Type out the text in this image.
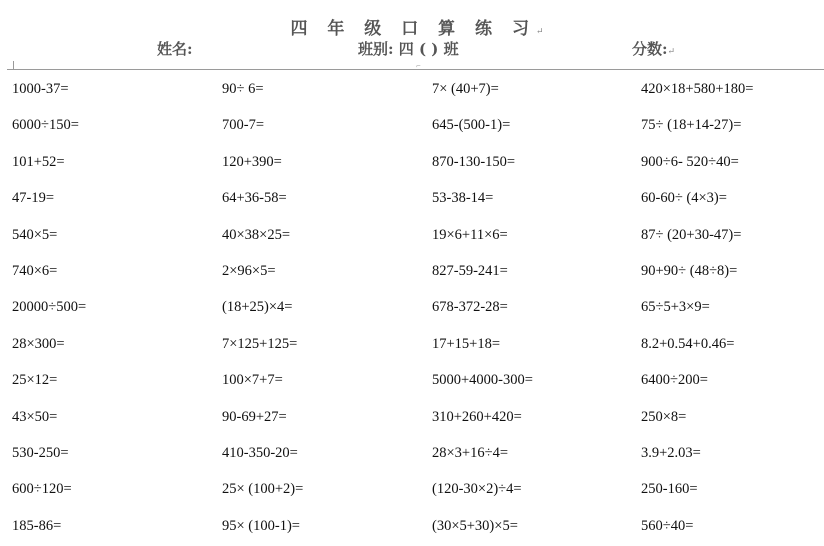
四 年 级 口 算 练 习↵
姓名:	班别: 四 ( ) 班	分数:↵
⌐
1000-37=	90÷ 6=	7× (40+7)=	420×18+580+180=
6000÷150=	700-7=	645-(500-1)=	75÷ (18+14-27)=
101+52=	120+390=	870-130-150=	900÷6- 520÷40=
47-19=	64+36-58=	53-38-14=	60-60÷ (4×3)=
540×5=	40×38×25=	19×6+11×6=	87÷ (20+30-47)=
740×6=	2×96×5=	827-59-241=	90+90÷ (48÷8)=
20000÷500=	(18+25)×4=	678-372-28=	65÷5+3×9=
28×300=	7×125+125=	17+15+18=	8.2+0.54+0.46=
25×12=	100×7+7=	5000+4000-300=	6400÷200=
43×50=	90-69+27=	310+260+420=	250×8=
530-250=	410-350-20=	28×3+16÷4=	3.9+2.03=
600÷120=	25× (100+2)=	(120-30×2)÷4=	250-160=
185-86=	95× (100-1)=	(30×5+30)×5=	560÷40=
